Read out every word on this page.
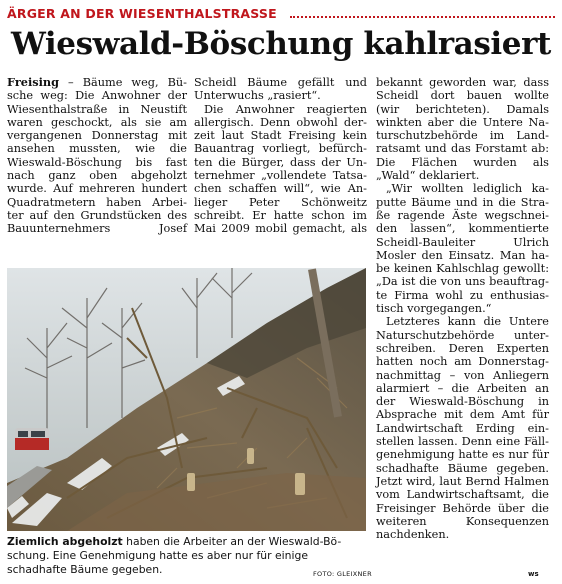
ÄRGER AN DER WIESENTHALSTRASSE
Wieswald-Böschung kahlrasiert
Freising – Bäume weg, Bü-
sche weg: Die Anwohner der
Wiesenthalstraße in Neustift
waren geschockt, als sie am
vergangenen Donnerstag mit
ansehen mussten, wie die
Wieswald-Böschung bis fast
nach ganz oben abgeholzt
wurde. Auf mehreren hundert
Quadratmetern haben Arbei-
ter auf den Grundstücken des
Bauunternehmers Josef
Scheidl Bäume gefällt und
Unterwuchs „rasiert“.
Die Anwohner reagierten
allergisch. Denn obwohl der-
zeit laut Stadt Freising kein
Bauantrag vorliegt, befürch-
ten die Bürger, dass der Un-
ternehmer „vollendete Tatsa-
chen schaffen will“, wie An-
lieger Peter Schönweitz
schreibt. Er hatte schon im
Mai 2009 mobil gemacht, als
bekannt geworden war, dass
Scheidl dort bauen wollte
(wir berichteten). Damals
winkten aber die Untere Na-
turschutzbehörde im Land-
ratsamt und das Forstamt ab:
Die Flächen wurden als
„Wald“ deklariert.
„Wir wollten lediglich ka-
putte Bäume und in die Stra-
ße ragende Äste wegschnei-
den lassen“, kommentierte
Scheidl-Bauleiter Ulrich
Mosler den Einsatz. Man ha-
be keinen Kahlschlag gewollt:
„Da ist die von uns beauftrag-
te Firma wohl zu enthusias-
tisch vorgegangen.“
Letzteres kann die Untere
Naturschutzbehörde unter-
schreiben. Deren Experten
hatten noch am Donnerstag-
nachmittag – von Anliegern
alarmiert – die Arbeiten an
der Wieswald-Böschung in
Absprache mit dem Amt für
Landwirtschaft Erding ein-
stellen lassen. Denn eine Fäll-
genehmigung hatte es nur für
schadhafte Bäume gegeben.
Jetzt wird, laut Bernd Halmen
vom Landwirtschaftsamt, die
Freisinger Behörde über die
weiteren Konsequenzen
nachdenken.
Ziemlich abgeholzt haben die Arbeiter an der Wieswald-Bö-
schung. Eine Genehmigung hatte es aber nur für einige
schadhafte Bäume gegeben.	FOTO: GLEIXNER	ws
